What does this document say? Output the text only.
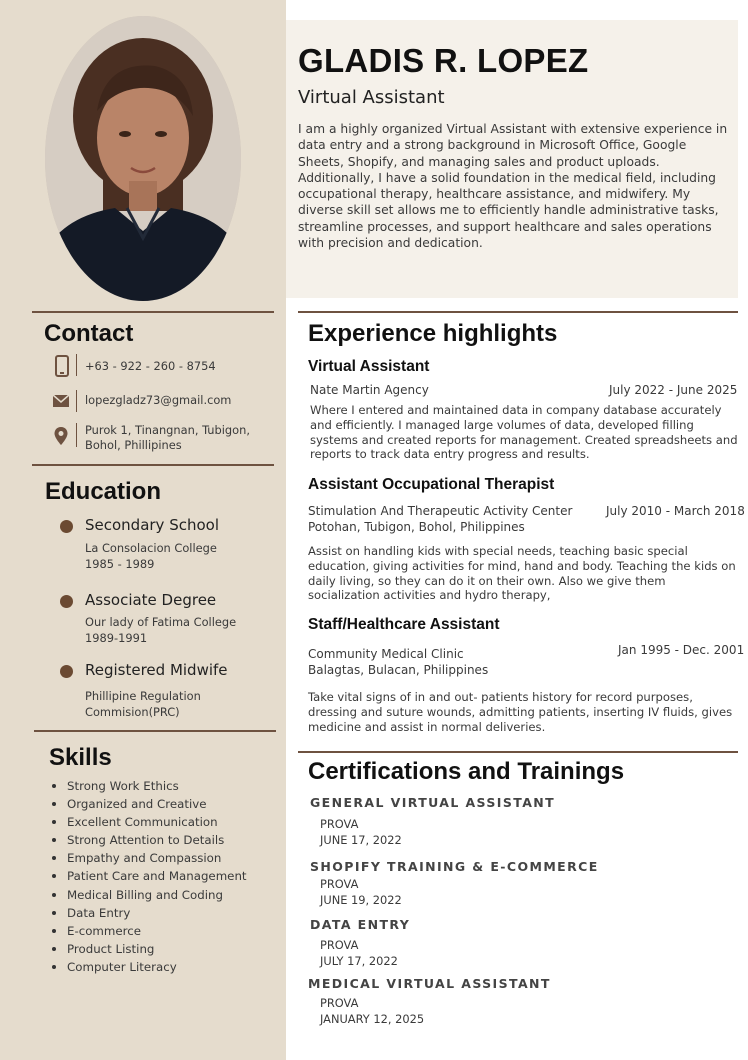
GLADIS R. LOPEZ
Virtual Assistant
I am a highly organized Virtual Assistant with extensive experience in data entry and a strong background in Microsoft Office, Google Sheets, Shopify, and managing sales and product uploads. Additionally, I have a solid foundation in the medical field, including occupational therapy, healthcare assistance, and midwifery. My diverse skill set allows me to efficiently handle administrative tasks, streamline processes, and support healthcare and sales operations with precision and dedication.
Contact
+63 - 922 - 260 - 8754
lopezgladz73@gmail.com
Purok 1, Tinangnan, Tubigon,
Bohol, Phillipines
Education
Secondary School
La Consolacion College
1985 - 1989
Associate Degree
Our lady of Fatima College
1989-1991
Registered Midwife
Phillipine Regulation
Commision(PRC)
Skills
Strong Work Ethics
Organized and Creative
Excellent Communication
Strong Attention to Details
Empathy and Compassion
Patient Care and Management
Medical Billing and Coding
Data Entry
E-commerce
Product Listing
Computer Literacy
Experience highlights
Virtual Assistant
Nate Martin Agency	July 2022 - June 2025
Where I entered and maintained data in company database accurately and efficiently. I managed large volumes of data, developed filling systems and created reports for management. Created spreadsheets and reports to track data entry progress and results.
Assistant Occupational Therapist
Stimulation And Therapeutic Activity Center
Potohan, Tubigon, Bohol, Philippines
July 2010 - March 2018
Assist on handling kids with special needs, teaching basic special education, giving activities for mind, hand and body. Teaching the kids on daily living, so they can do it on their own. Also we give them socialization activities and hydro therapy,
Staff/Healthcare Assistant
Community Medical Clinic
Balagtas, Bulacan, Philippines
Jan 1995 - Dec. 2001
Take vital signs of in and out- patients history for record purposes, dressing and suture wounds, admitting patients, inserting IV fluids, gives medicine and assist in normal deliveries.
Certifications and Trainings
GENERAL VIRTUAL ASSISTANT
PROVA
JUNE 17, 2022
SHOPIFY TRAINING & E-COMMERCE
PROVA
JUNE 19, 2022
DATA ENTRY
PROVA
JULY 17, 2022
MEDICAL VIRTUAL ASSISTANT
PROVA
JANUARY 12, 2025
